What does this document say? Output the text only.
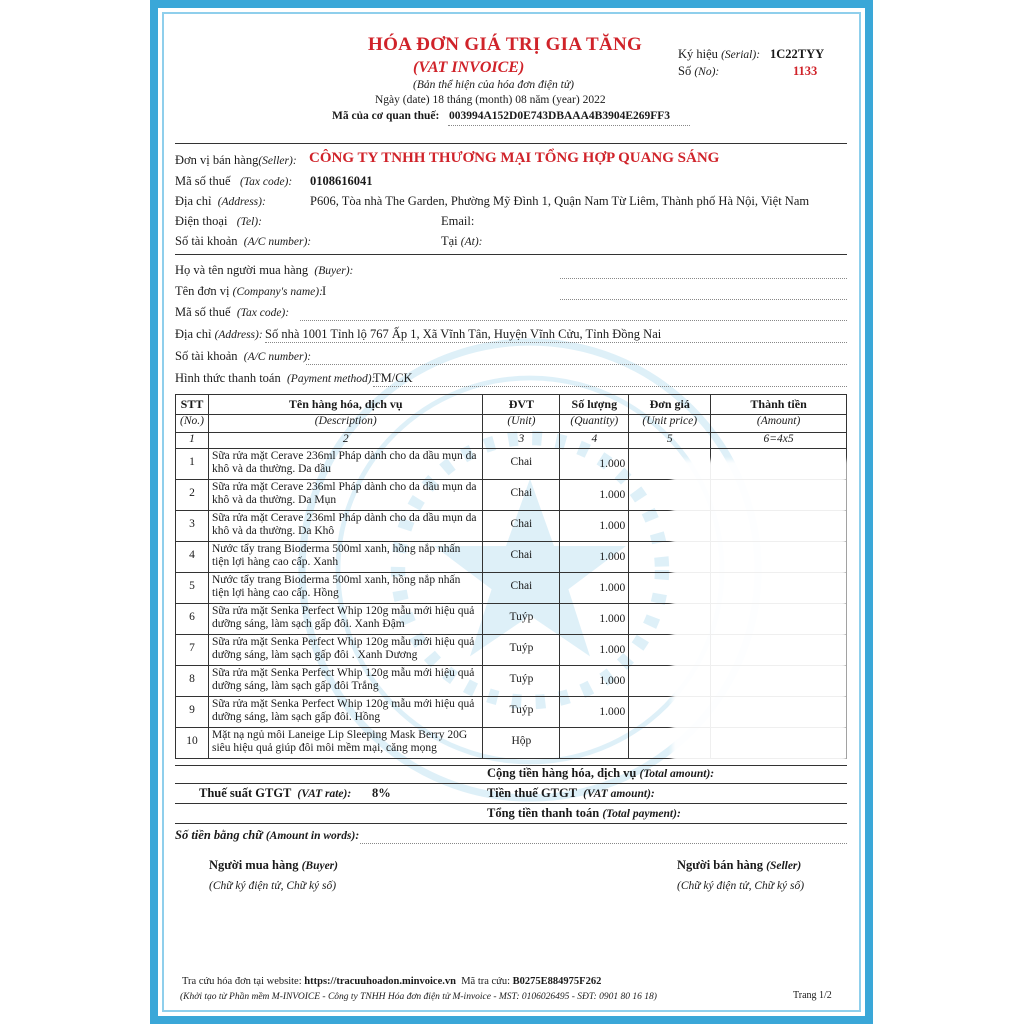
HÓA ĐƠN GIÁ TRỊ GIA TĂNG
(VAT INVOICE)
(Bản thể hiện của hóa đơn điện tử)
Ngày (date) 18 tháng (month) 08 năm (year) 2022
Mã của cơ quan thuế: 003994A152D0E743DBAAA4B3904E269FF3
Ký hiệu (Serial): 1C22TYY
Số (No):	1133
Đơn vị bán hàng(Seller): CÔNG TY TNHH THƯƠNG MẠI TỔNG HỢP QUANG SÁNG
Mã số thuế (Tax code): 0108616041
Địa chỉ (Address):	P606, Tòa nhà The Garden, Phường Mỹ Đình 1, Quận Nam Từ Liêm, Thành phố Hà Nội, Việt Nam
Điện thoại (Tel):	Email:
Số tài khoản (A/C number):	Tại (At):
Họ và tên người mua hàng (Buyer):
Tên đơn vị (Company's name): I
Mã số thuế (Tax code):
Địa chỉ (Address): Số nhà 1001 Tỉnh lộ 767 Ấp 1, Xã Vĩnh Tân, Huyện Vĩnh Cửu, Tỉnh Đồng Nai
Số tài khoản (A/C number):
Hình thức thanh toán (Payment method):
TM/CK
STT	Tên hàng hóa, dịch vụ	ĐVT	Số lượng	Đơn giá	Thành tiền
(No.)	(Description)	(Unit)	(Quantity)	(Unit price)	(Amount)
1	2	3	4	5	6=4x5
1	Sữa rửa mặt Cerave 236ml Pháp dành cho da dầu mụn da khô và da thường. Da dầu	Chai	1.000		
2	Sữa rửa mặt Cerave 236ml Pháp dành cho da dầu mụn da khô và da thường. Da Mụn	Chai	1.000		
3	Sữa rửa mặt Cerave 236ml Pháp dành cho da dầu mụn da khô và da thường. Da Khô	Chai	1.000		
4	Nước tẩy trang Bioderma 500ml xanh, hồng nắp nhấn tiện lợi hàng cao cấp. Xanh	Chai	1.000		
5	Nước tẩy trang Bioderma 500ml xanh, hồng nắp nhấn tiện lợi hàng cao cấp. Hồng	Chai	1.000		
6	Sữa rửa mặt Senka Perfect Whip 120g mẫu mới hiệu quả dưỡng sáng, làm sạch gấp đôi. Xanh Đậm	Tuýp	1.000		
7	Sữa rửa mặt Senka Perfect Whip 120g mẫu mới hiệu quả dưỡng sáng, làm sạch gấp đôi . Xanh Dương	Tuýp	1.000		
8	Sữa rửa mặt Senka Perfect Whip 120g mẫu mới hiệu quả dưỡng sáng, làm sạch gấp đôi Trắng	Tuýp	1.000		
9	Sữa rửa mặt Senka Perfect Whip 120g mẫu mới hiệu quả dưỡng sáng, làm sạch gấp đôi. Hồng	Tuýp	1.000		
10	Mặt nạ ngủ môi Laneige Lip Sleeping Mask Berry 20G siêu hiệu quả giúp đôi môi mềm mại, căng mọng	Hộp			
Cộng tiền hàng hóa, dịch vụ (Total amount):
Thuế suất GTGT (VAT rate): 8%	Tiền thuế GTGT (VAT amount):
Tổng tiền thanh toán (Total payment):
Số tiền bằng chữ (Amount in words):
Người mua hàng (Buyer)
(Chữ ký điện tử, Chữ ký số)
Người bán hàng (Seller)
(Chữ ký điện tử, Chữ ký số)
Tra cứu hóa đơn tại website: https://tracuuhoadon.minvoice.vn Mã tra cứu: B0275E884975F262
(Khởi tạo từ Phần mềm M-INVOICE - Công ty TNHH Hóa đơn điện tử M-invoice - MST: 0106026495 - SĐT: 0901 80 16 18)	Trang 1/2
